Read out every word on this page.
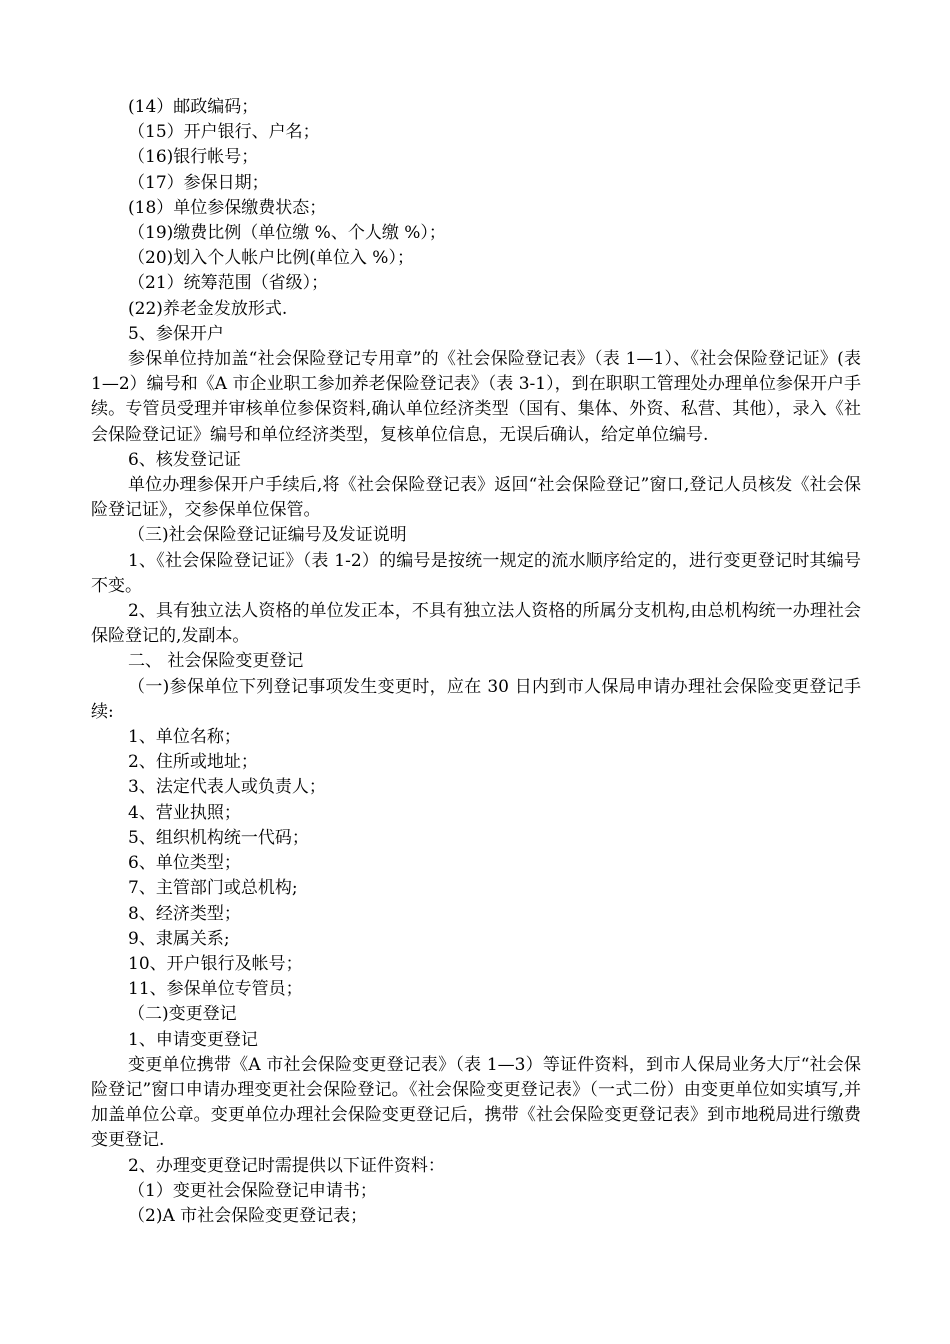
(14）邮政编码；
（15）开户银行、户名；
（16)银行帐号；
（17）参保日期；
(18）单位参保缴费状态；
（19)缴费比例（单位缴 %、个人缴 %）；
（20)划入个人帐户比例(单位入 %）；
（21）统筹范围（省级）；
(22)养老金发放形式.
5、参保开户
参保单位持加盖“社会保险登记专用章”的《社会保险登记表》（表 1—1）、《社会保险登记证》(表 1—2）编号和《A 市企业职工参加养老保险登记表》（表 3-1），到在职职工管理处办理单位参保开户手续。专管员受理并审核单位参保资料,确认单位经济类型（国有、集体、外资、私营、其他），录入《社会保险登记证》编号和单位经济类型，复核单位信息，无误后确认，给定单位编号.
6、核发登记证
单位办理参保开户手续后,将《社会保险登记表》返回“社会保险登记”窗口,登记人员核发《社会保险登记证》，交参保单位保管。
（三)社会保险登记证编号及发证说明
1、《社会保险登记证》（表 1-2）的编号是按统一规定的流水顺序给定的，进行变更登记时其编号不变。
2、具有独立法人资格的单位发正本，不具有独立法人资格的所属分支机构,由总机构统一办理社会保险登记的,发副本。
二、 社会保险变更登记
（一)参保单位下列登记事项发生变更时，应在 30 日内到市人保局申请办理社会保险变更登记手续:
1、单位名称；
2、住所或地址；
3、法定代表人或负责人；
4、营业执照；
5、组织机构统一代码；
6、单位类型；
7、主管部门或总机构;
8、经济类型；
9、隶属关系;
10、开户银行及帐号；
11、参保单位专管员；
（二)变更登记
1、申请变更登记
变更单位携带《A 市社会保险变更登记表》（表 1—3）等证件资料，到市人保局业务大厅“社会保险登记”窗口申请办理变更社会保险登记。《社会保险变更登记表》（一式二份）由变更单位如实填写,并加盖单位公章。变更单位办理社会保险变更登记后，携带《社会保险变更登记表》到市地税局进行缴费变更登记.
2、办理变更登记时需提供以下证件资料：
（1）变更社会保险登记申请书；
（2)A 市社会保险变更登记表；
